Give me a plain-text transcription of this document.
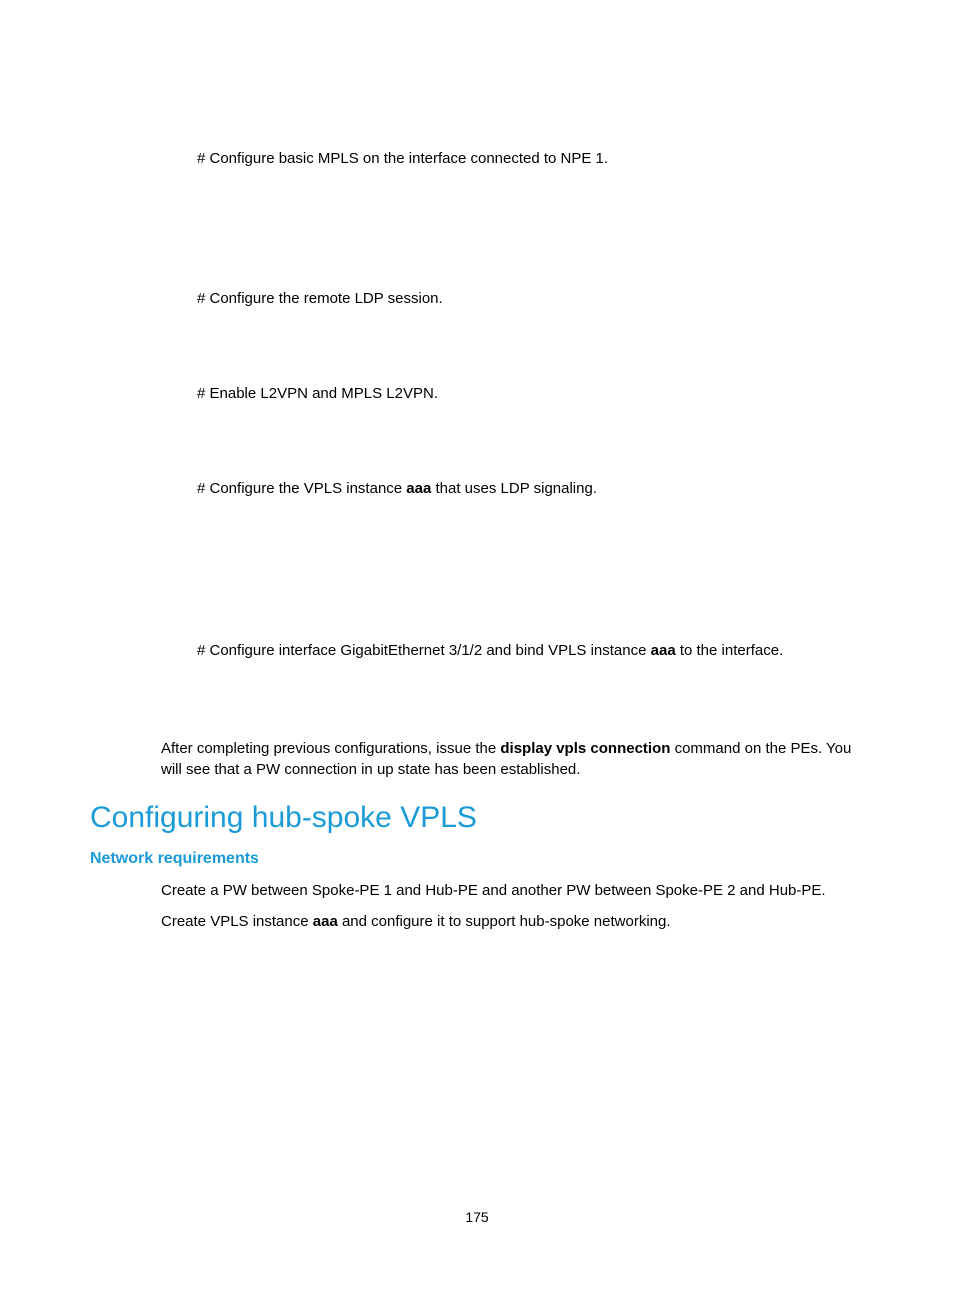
# Configure basic MPLS on the interface connected to NPE 1.
# Configure the remote LDP session.
# Enable L2VPN and MPLS L2VPN.
# Configure the VPLS instance aaa that uses LDP signaling.
# Configure interface GigabitEthernet 3/1/2 and bind VPLS instance aaa to the interface.
After completing previous configurations, issue the display vpls connection command on the PEs. You will see that a PW connection in up state has been established.
Configuring hub-spoke VPLS
Network requirements
Create a PW between Spoke-PE 1 and Hub-PE and another PW between Spoke-PE 2 and Hub-PE.
Create VPLS instance aaa and configure it to support hub-spoke networking.
175
